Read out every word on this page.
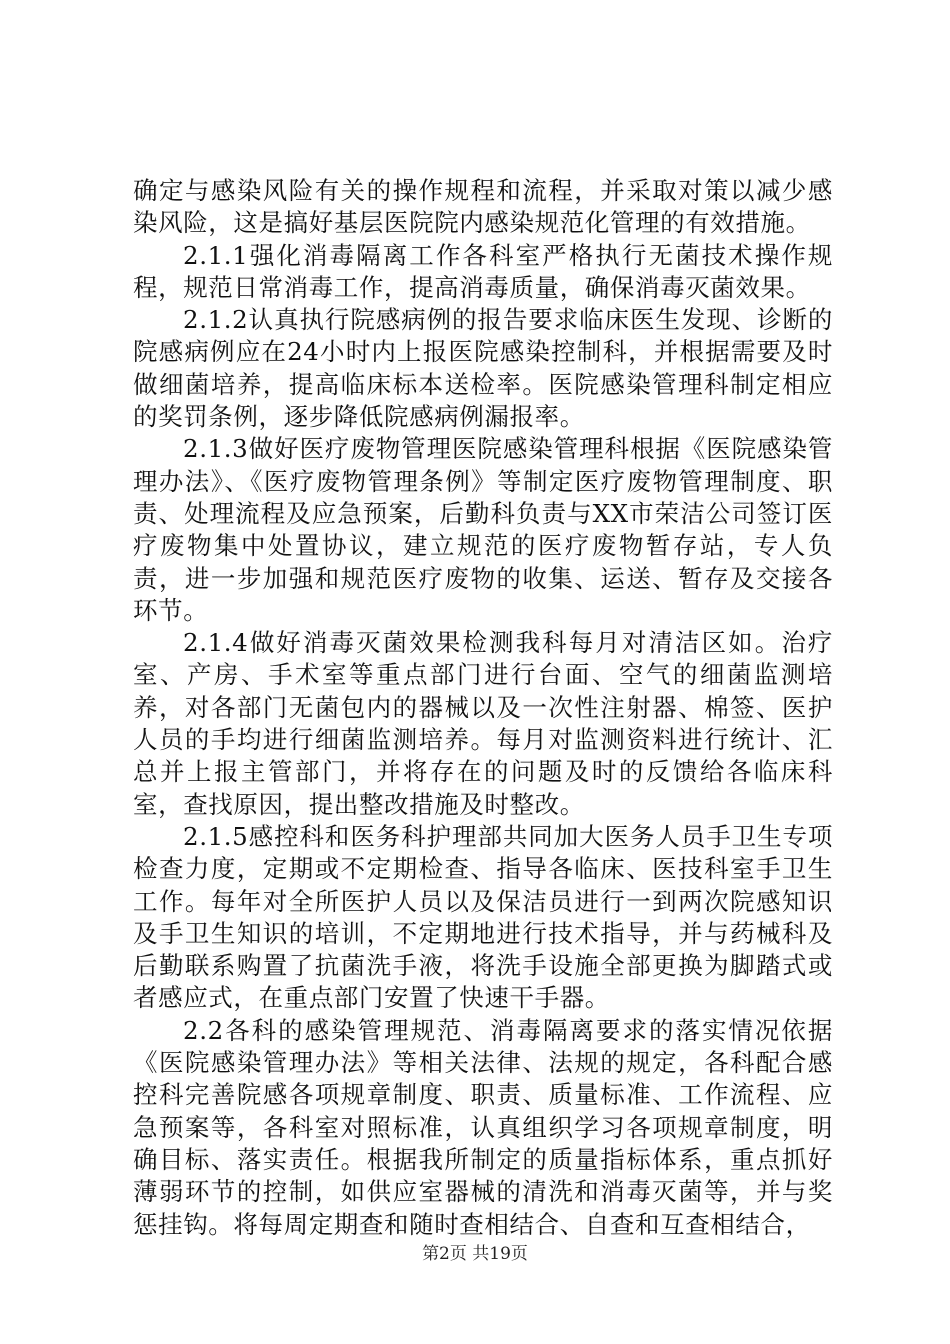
确定与感染风险有关的操作规程和流程，并采取对策以减少感染风险，这是搞好基层医院院内感染规范化管理的有效措施。

2.1.1强化消毒隔离工作各科室严格执行无菌技术操作规程，规范日常消毒工作，提高消毒质量，确保消毒灭菌效果。

2.1.2认真执行院感病例的报告要求临床医生发现、诊断的院感病例应在24小时内上报医院感染控制科，并根据需要及时做细菌培养，提高临床标本送检率。医院感染管理科制定相应的奖罚条例，逐步降低院感病例漏报率。

2.1.3做好医疗废物管理医院感染管理科根据《医院感染管理办法》、《医疗废物管理条例》等制定医疗废物管理制度、职责、处理流程及应急预案，后勤科负责与XX市荣洁公司签订医疗废物集中处置协议，建立规范的医疗废物暂存站，专人负责，进一步加强和规范医疗废物的收集、运送、暂存及交接各环节。

2.1.4做好消毒灭菌效果检测我科每月对清洁区如。治疗室、产房、手术室等重点部门进行台面、空气的细菌监测培养，对各部门无菌包内的器械以及一次性注射器、棉签、医护人员的手均进行细菌监测培养。每月对监测资料进行统计、汇总并上报主管部门，并将存在的问题及时的反馈给各临床科室，查找原因，提出整改措施及时整改。

2.1.5感控科和医务科护理部共同加大医务人员手卫生专项检查力度，定期或不定期检查、指导各临床、医技科室手卫生工作。每年对全所医护人员以及保洁员进行一到两次院感知识及手卫生知识的培训，不定期地进行技术指导，并与药械科及后勤联系购置了抗菌洗手液，将洗手设施全部更换为脚踏式或者感应式，在重点部门安置了快速干手器。

2.2各科的感染管理规范、消毒隔离要求的落实情况依据《医院感染管理办法》等相关法律、法规的规定，各科配合感控科完善院感各项规章制度、职责、质量标准、工作流程、应急预案等，各科室对照标准，认真组织学习各项规章制度，明确目标、落实责任。根据我所制定的质量指标体系，重点抓好薄弱环节的控制，如供应室器械的清洗和消毒灭菌等，并与奖惩挂钩。将每周定期查和随时查相结合、自查和互查相结合，

第2页 共19页
